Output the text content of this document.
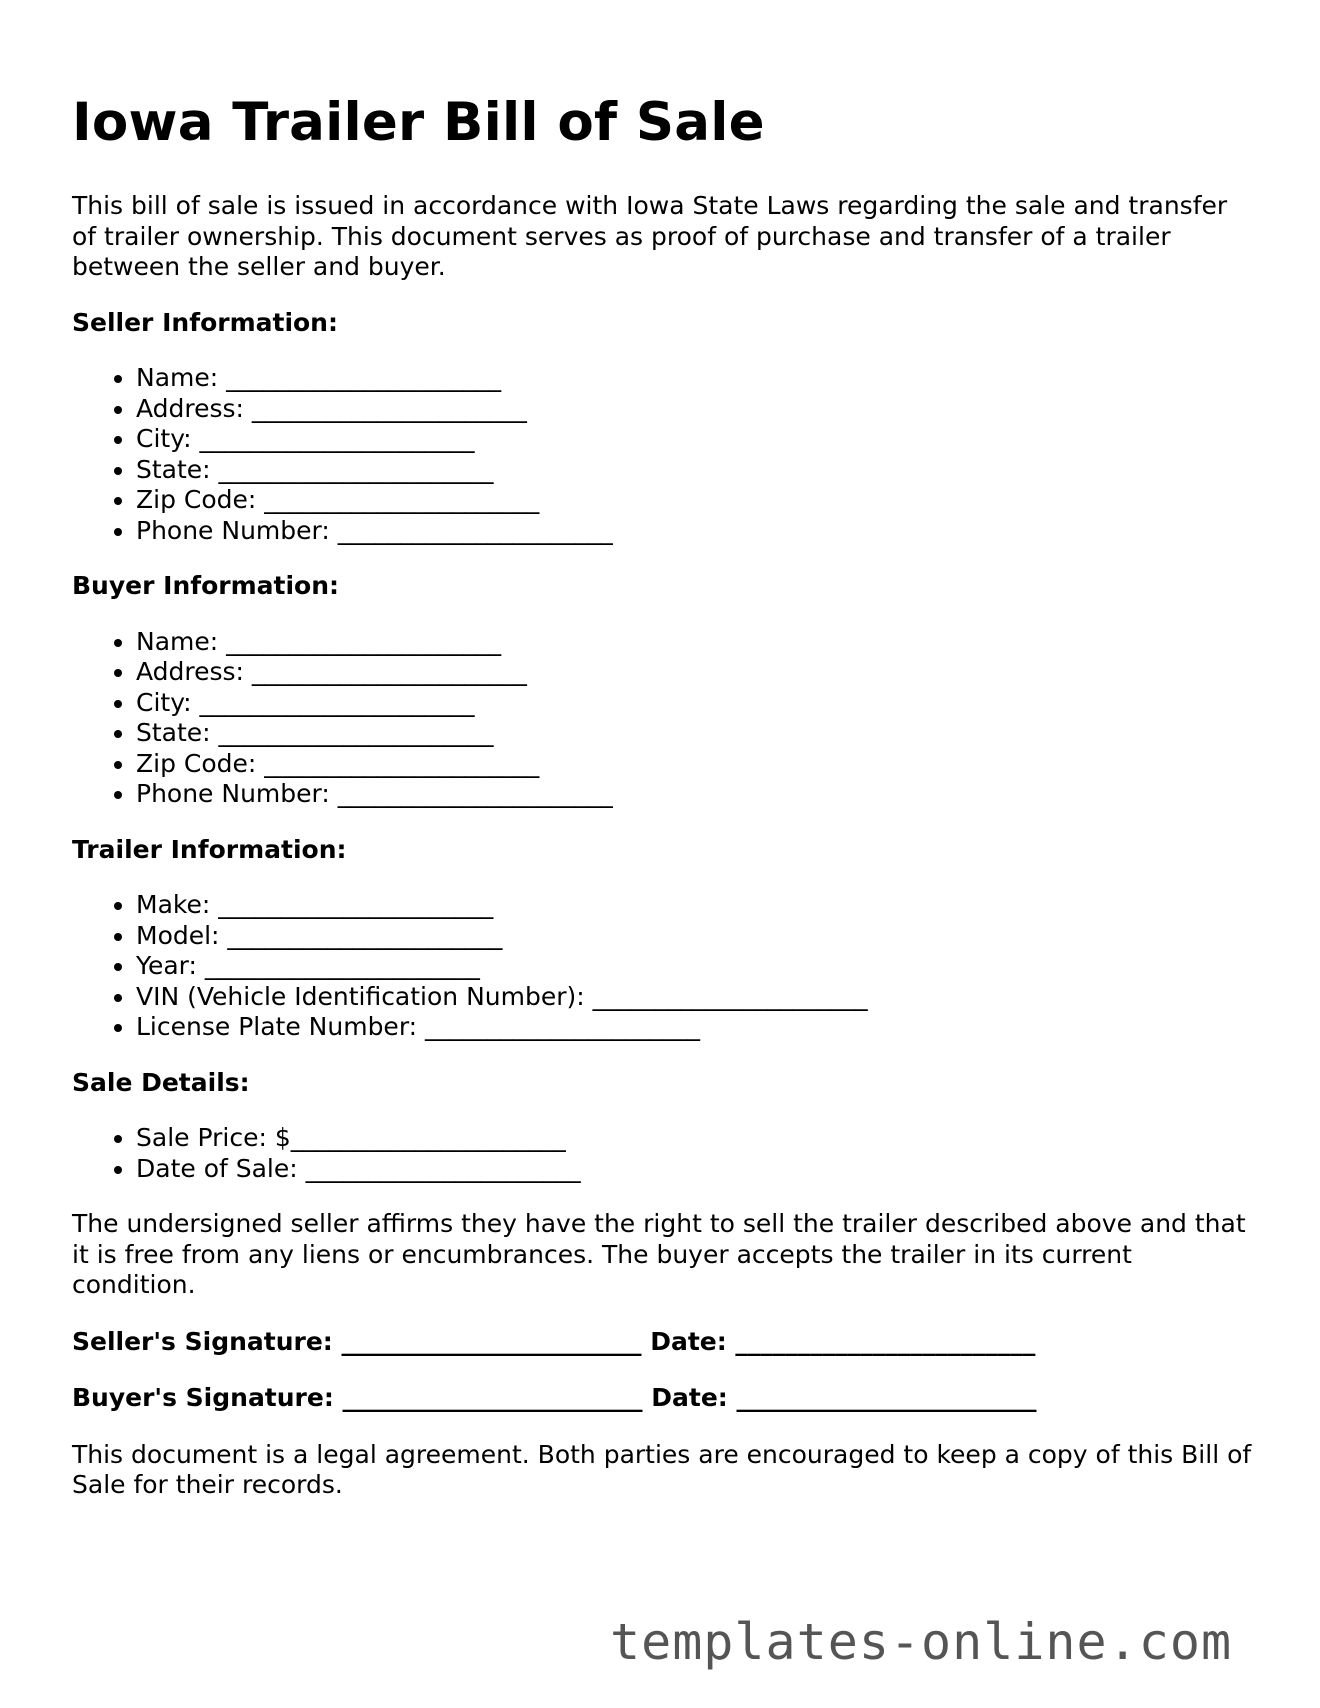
Iowa Trailer Bill of Sale

This bill of sale is issued in accordance with Iowa State Laws regarding the sale and transfer of trailer ownership. This document serves as proof of purchase and transfer of a trailer between the seller and buyer.

Seller Information:
• Name: ______________________
• Address: ______________________
• City: ______________________
• State: ______________________
• Zip Code: ______________________
• Phone Number: ______________________
Buyer Information:
• Name: ______________________
• Address: ______________________
• City: ______________________
• State: ______________________
• Zip Code: ______________________
• Phone Number: ______________________
Trailer Information:
• Make: ______________________
• Model: ______________________
• Year: ______________________
• VIN (Vehicle Identification Number): ______________________
• License Plate Number: ______________________
Sale Details:
• Sale Price: $______________________
• Date of Sale: ______________________

The undersigned seller affirms they have the right to sell the trailer described above and that it is free from any liens or encumbrances. The buyer accepts the trailer in its current condition.

Seller's Signature: ________________________ Date: ________________________
Buyer's Signature: ________________________ Date: ________________________

This document is a legal agreement. Both parties are encouraged to keep a copy of this Bill of Sale for their records.

templates-online.com
